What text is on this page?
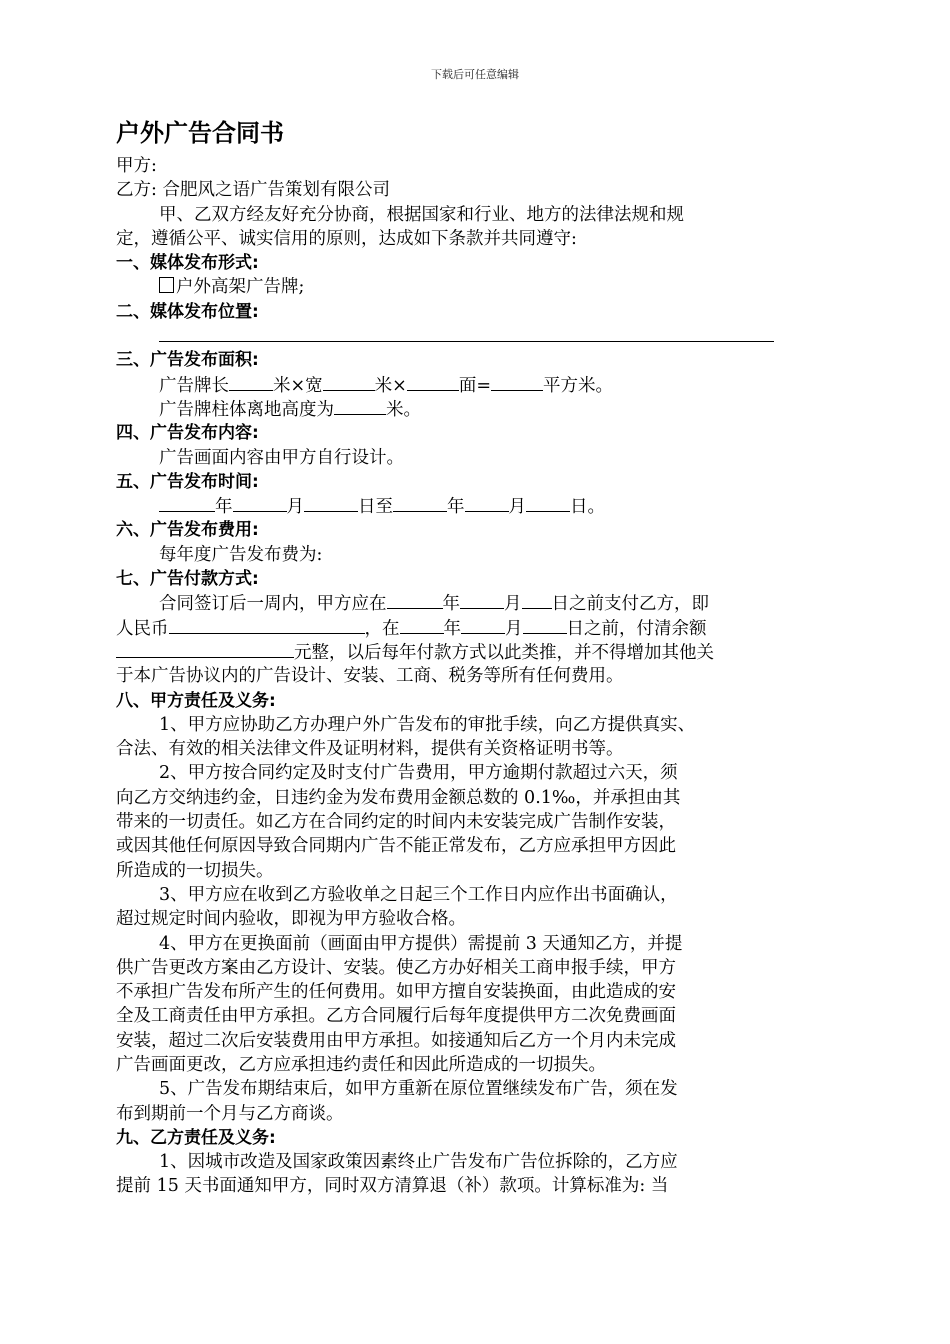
下载后可任意编辑
户外广告合同书
甲方:
乙方: 合肥风之语广告策划有限公司
甲、乙双方经友好充分协商，根据国家和行业、地方的法律法规和规
定，遵循公平、诚实信用的原则，达成如下条款并共同遵守:
一、媒体发布形式:
户外高架广告牌;
二、媒体发布位置:
三、广告发布面积:
广告牌长	米×宽	米×	面=	平方米。
广告牌柱体离地高度为	米。
四、广告发布内容:
广告画面内容由甲方自行设计。
五、广告发布时间:
年	月	日至	年	月	日。
六、广告发布费用:
每年度广告发布费为:
七、广告付款方式:
合同签订后一周内，甲方应在	年	月 日之前支付乙方，即
人民币	，在	年	月	日之前，付清余额
元整，以后每年付款方式以此类推，并不得增加其他关
于本广告协议内的广告设计、安装、工商、税务等所有任何费用。
八、甲方责任及义务:
1、甲方应协助乙方办理户外广告发布的审批手续，向乙方提供真实、
合法、有效的相关法律文件及证明材料，提供有关资格证明书等。
2、甲方按合同约定及时支付广告费用，甲方逾期付款超过六天，须
向乙方交纳违约金，日违约金为发布费用金额总数的 0.1‰，并承担由其
带来的一切责任。如乙方在合同约定的时间内未安装完成广告制作安装，
或因其他任何原因导致合同期内广告不能正常发布，乙方应承担甲方因此
所造成的一切损失。
3、甲方应在收到乙方验收单之日起三个工作日内应作出书面确认，
超过规定时间内验收，即视为甲方验收合格。
4、甲方在更换面前（画面由甲方提供）需提前 3 天通知乙方，并提
供广告更改方案由乙方设计、安装。使乙方办好相关工商申报手续，甲方
不承担广告发布所产生的任何费用。如甲方擅自安装换面，由此造成的安
全及工商责任由甲方承担。乙方合同履行后每年度提供甲方二次免费画面
安装，超过二次后安装费用由甲方承担。如接通知后乙方一个月内未完成
广告画面更改，乙方应承担违约责任和因此所造成的一切损失。
5、广告发布期结束后，如甲方重新在原位置继续发布广告，须在发
布到期前一个月与乙方商谈。
九、乙方责任及义务:
1、因城市改造及国家政策因素终止广告发布广告位拆除的，乙方应
提前 15 天书面通知甲方，同时双方清算退（补）款项。计算标准为: 当
